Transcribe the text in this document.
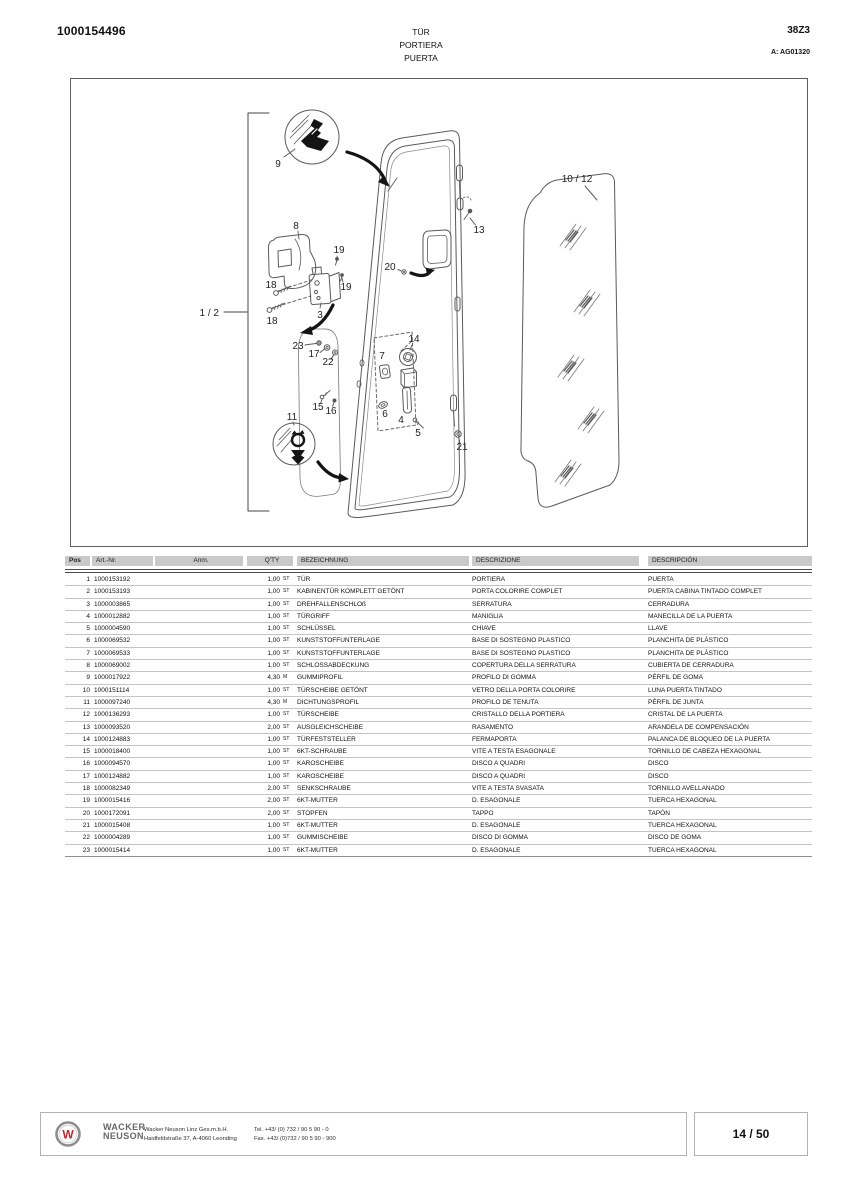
1000154496	TÜR
PORTIERA
PUERTA
38Z3
A: AG01320
9
8
3
18
18
19
19
1 / 2
20
13
10 / 12
23
17
22
14
7
15 16
11	6
4
5
21
Pos	Art.-Nr.	Anm.	Q'TY	BEZEICHNUNG	DESCRIZIONE	DESCRIPCIÓN
1 1000153192	1,00 ST	TÜR	PORTIERA	PUERTA
2 1000153193	1,00 ST	KABINENTÜR KOMPLETT GETÖNT	PORTA COLORIRE COMPLET	PUERTA CABINA TINTADO COMPLET
3 1000003865	1,00 ST	DREHFALLENSCHLOß	SERRATURA	CERRADURA
4 1000012882	1,00 ST	TÜRGRIFF	MANIGLIA	MANECILLA DE LA PUERTA
5 1000004590	1,00 ST	SCHLÜSSEL	CHIAVE	LLAVE
6 1000069532	1,00 ST	KUNSTSTOFFUNTERLAGE	BASE DI SOSTEGNO PLASTICO	PLANCHITA DE PLÁSTICO
7 1000069533	1,00 ST	KUNSTSTOFFUNTERLAGE	BASE DI SOSTEGNO PLASTICO	PLANCHITA DE PLÁSTICO
8 1000069002	1,00 ST	SCHLOSSABDECKUNG	COPERTURA DELLA SERRATURA	CUBIERTA DE CERRADURA
9 1000017922	4,30 M	GUMMIPROFIL	PROFILO DI GOMMA	PÉRFIL DE GOMA
10 1000151114	1,00 ST	TÜRSCHEIBE GETÖNT	VETRO DELLA PORTA COLORIRE	LUNA PUERTA TINTADO
11 1000097240	4,30 M	DICHTUNGSPROFIL	PROFILO DE TENUTA	PÉRFIL DE JUNTA
12 1000136293	1,00 ST	TÜRSCHEIBE	CRISTALLO DELLA PORTIERA	CRISTAL DE LA PUERTA
13 1000093520	2,00 ST	AUSGLEICHSCHEIBE	RASAMENTO	ARANDELA DE COMPENSACIÓN
14 1000124883	1,00 ST	TÜRFESTSTELLER	FERMAPORTA	PALANCA DE BLOQUEO DE LA PUERTA
15 1000018400	1,00 ST	6KT-SCHRAUBE	VITE A TESTA ESAGONALE	TORNILLO DE CABEZA HEXAGONAL
16 1000094570	1,00 ST	KAROSCHEIBE	DISCO A QUADRI	DISCO
17 1000124882	1,00 ST	KAROSCHEIBE	DISCO A QUADRI	DISCO
18 1000082349	2,00 ST	SENKSCHRAUBE	VITE A TESTA SVASATA	TORNILLO AVELLANADO
19 1000015416	2,00 ST	6KT-MUTTER	D. ESAGONALE	TUERCA HEXAGONAL
20 1000172091	2,00 ST	STOPFEN	TAPPO	TAPÓN
21 1000015408	1,00 ST	6KT-MUTTER	D. ESAGONALE	TUERCA HEXAGONAL
22 1000004289	1,00 ST	GUMMISCHEIBE	DISCO DI GOMMA	DISCO DE GOMA
23 1000015414	1,00 ST	6KT-MUTTER	D. ESAGONALE	TUERCA HEXAGONAL
W
WACKER
NEUSON
Wacker Neuson Linz Ges.m.b.H.
Haidfeldstraße 37, A-4060 Leonding
Tel. +43/ (0) 732 / 90 5 90 - 0
Fax. +43/ (0)732 / 90 5 90 - 900	14 / 50
